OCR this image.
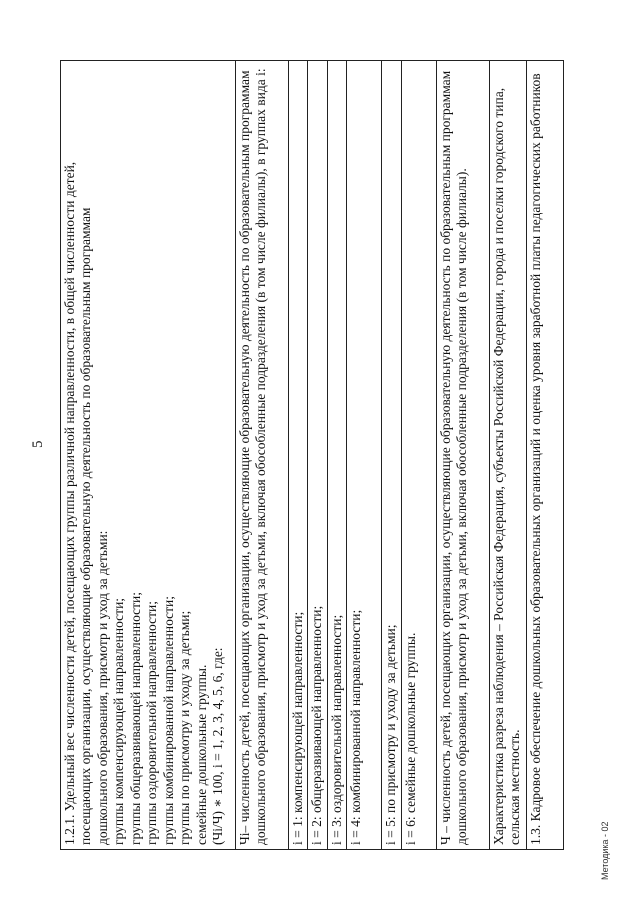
5 1.2.1. Удельный вес численности детей, посещающих группы различной направленности, в общей численности детей, посещающих организации, осуществляющие образовательную деятельность по образовательным программам дошкольного образования, присмотр и уход за детьми: группы компенсирующей направленности; группы общеразвивающей направленности; группы оздоровительной направленности; группы комбинированной направленности; группы по присмотру и уходу за детьми; семейные дошкольные группы. (Чi/Ч) ∗ 100, i = 1, 2, 3, 4, 5, 6, где:

Чi– численность детей, посещающих организации, осуществляющие образовательную деятельность по образовательным программам дошкольного образования, присмотр и уход за детьми, включая обособленные подразделения (в том числе филиалы), в группах вида i:
i = 1: компенсирующей направленности;
i = 2: общеразвивающей направленности;
i = 3: оздоровительной направленности;
i = 4: комбинированной направленности;
i = 5: по присмотру и уходу за детьми;
i = 6: семейные дошкольные группы.
Ч – численность детей, посещающих организации, осуществляющие образовательную деятельность по образовательным программам дошкольного образования, присмотр и уход за детьми, включая обособленные подразделения (в том числе филиалы).
Характеристика разреза наблюдения – Российская Федерация, субъекты Российской Федерации, города и поселки городского типа, сельская местность.
1.3. Кадровое обеспечение дошкольных образовательных организаций и оценка уровня заработной платы педагогических работников
Методика - 02
